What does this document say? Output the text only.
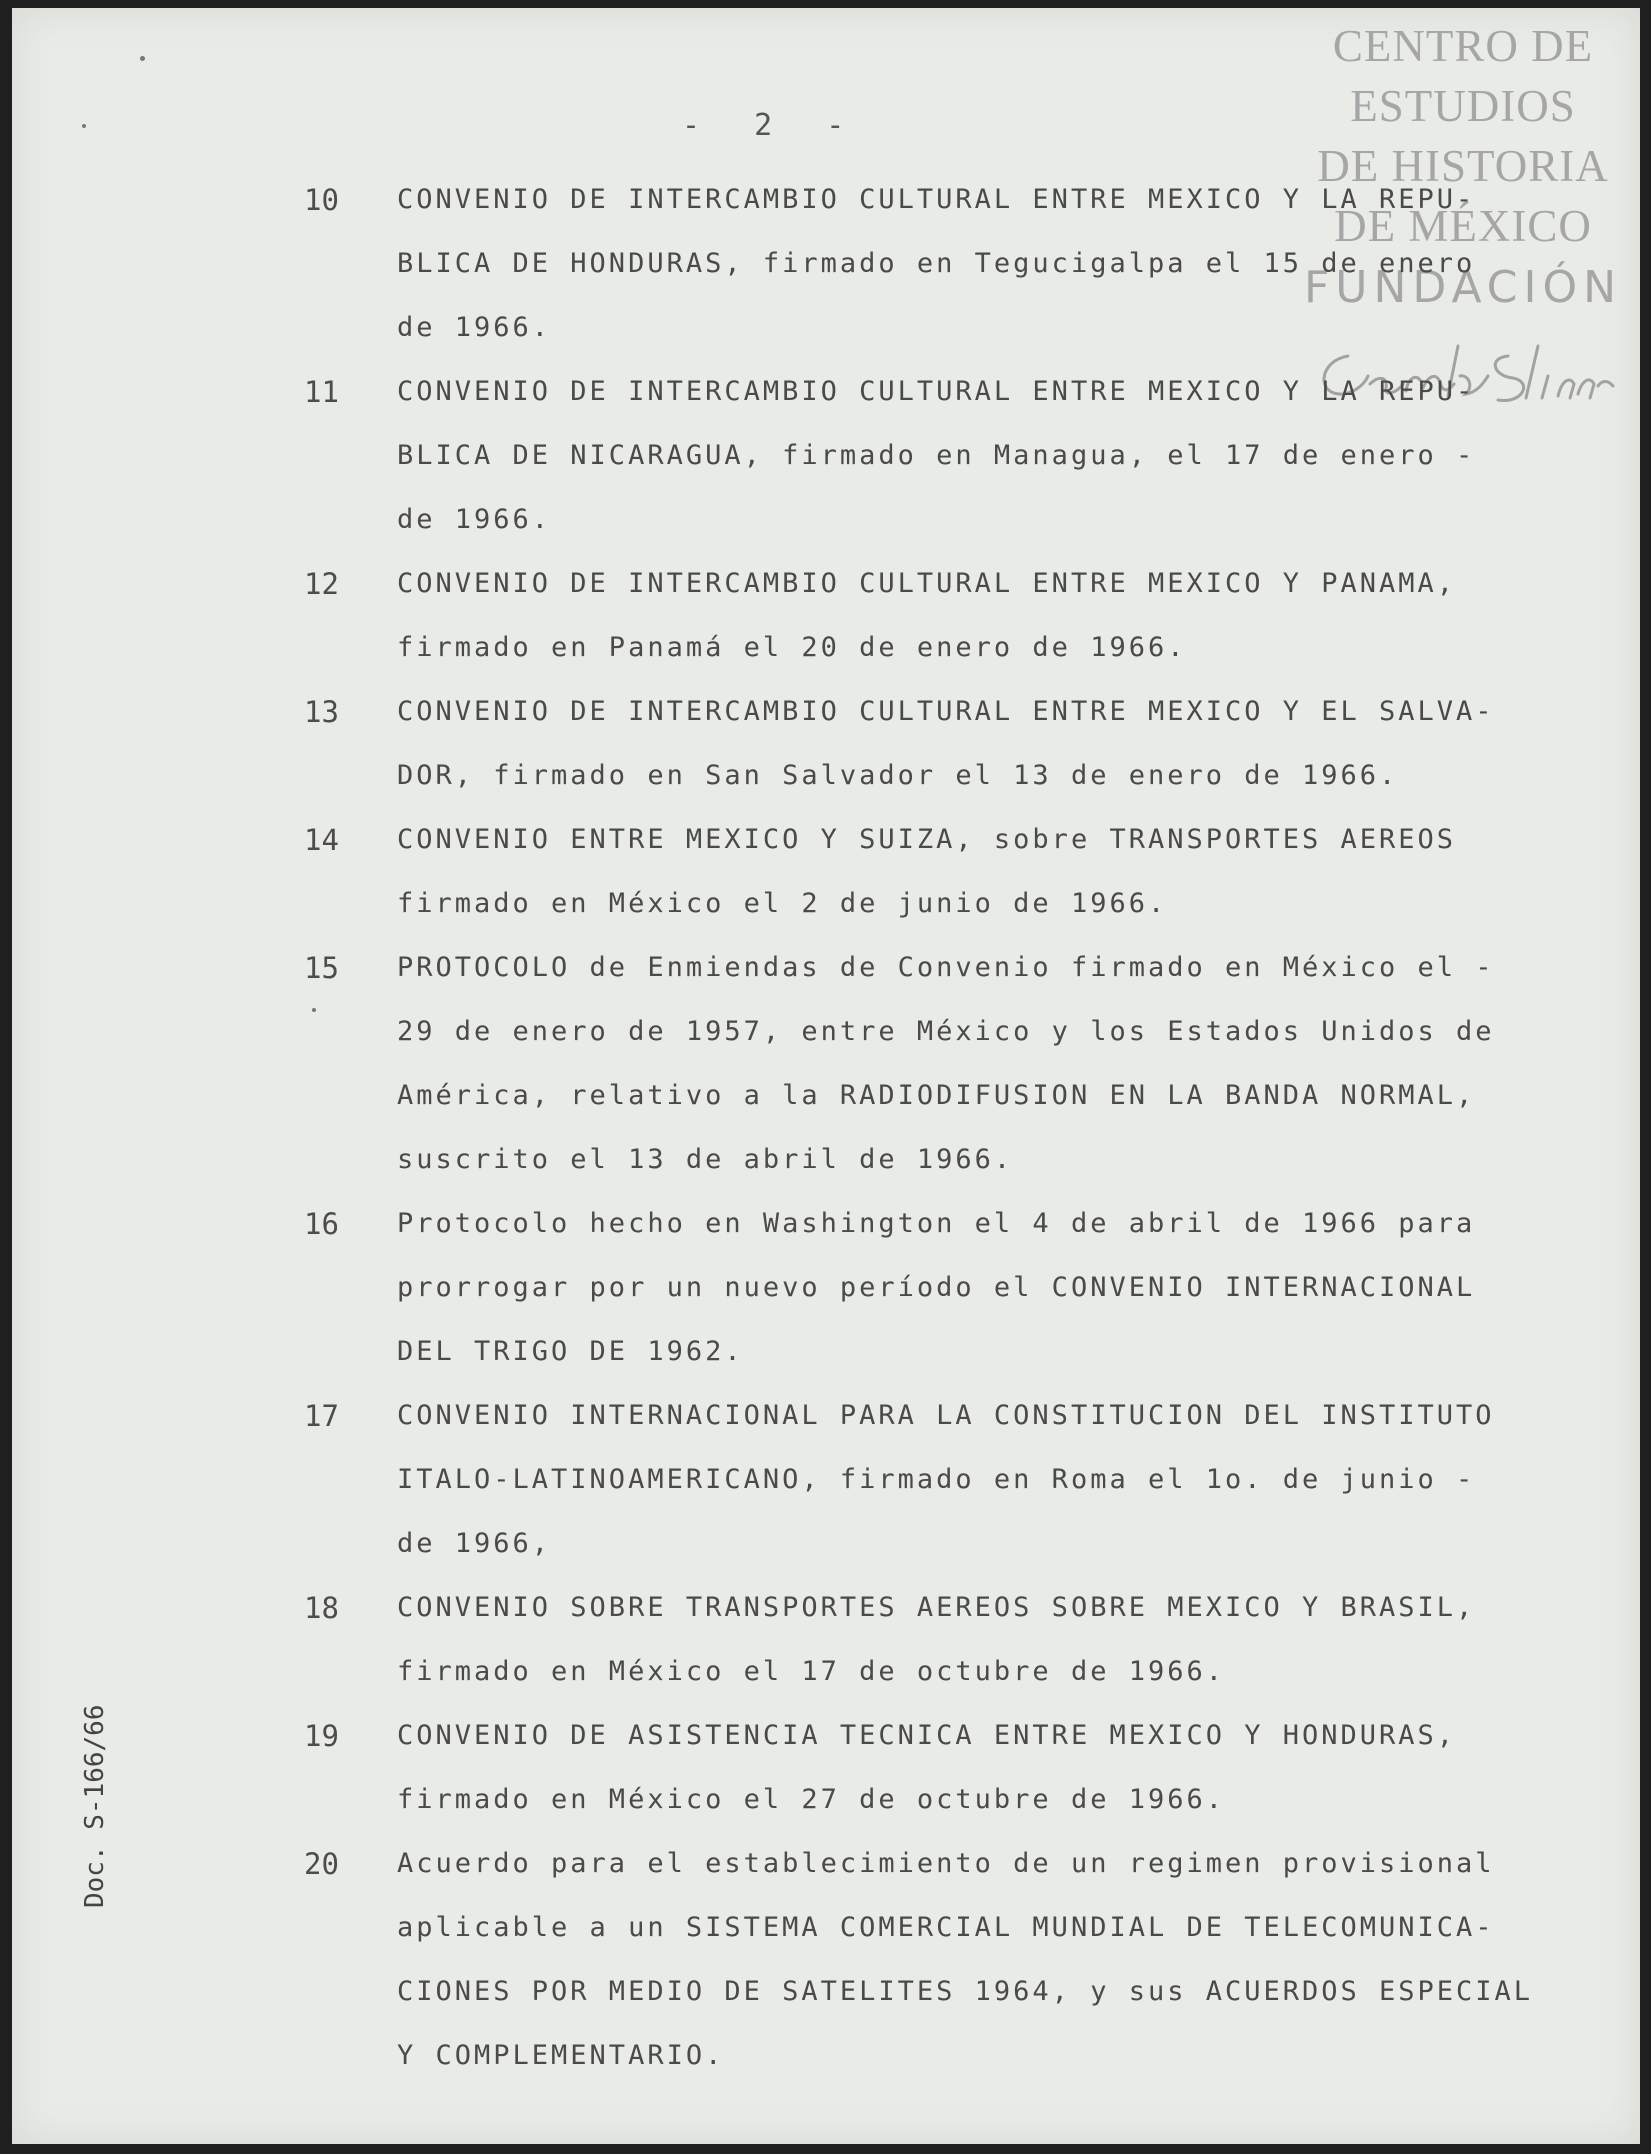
CENTRO DE
ESTUDIOS
DE HISTORIA
DE MÉXICO
FUNDACIÓN
- 2 -
10 CONVENIO DE INTERCAMBIO CULTURAL ENTRE MEXICO Y LA REPU-
BLICA DE HONDURAS, firmado en Tegucigalpa el 15 de enero
de 1966.
11 CONVENIO DE INTERCAMBIO CULTURAL ENTRE MEXICO Y LA REPU-
BLICA DE NICARAGUA, firmado en Managua, el 17 de enero -
de 1966.
12 CONVENIO DE INTERCAMBIO CULTURAL ENTRE MEXICO Y PANAMA,
firmado en Panamá el 20 de enero de 1966.
13 CONVENIO DE INTERCAMBIO CULTURAL ENTRE MEXICO Y EL SALVA-
DOR, firmado en San Salvador el 13 de enero de 1966.
14 CONVENIO ENTRE MEXICO Y SUIZA, sobre TRANSPORTES AEREOS
firmado en México el 2 de junio de 1966.
15 PROTOCOLO de Enmiendas de Convenio firmado en México el -
29 de enero de 1957, entre México y los Estados Unidos de
América, relativo a la RADIODIFUSION EN LA BANDA NORMAL,
suscrito el 13 de abril de 1966.
16 Protocolo hecho en Washington el 4 de abril de 1966 para
prorrogar por un nuevo período el CONVENIO INTERNACIONAL
DEL TRIGO DE 1962.
17 CONVENIO INTERNACIONAL PARA LA CONSTITUCION DEL INSTITUTO
ITALO-LATINOAMERICANO, firmado en Roma el 1o. de junio -
de 1966,
18 CONVENIO SOBRE TRANSPORTES AEREOS SOBRE MEXICO Y BRASIL,
firmado en México el 17 de octubre de 1966.
19 CONVENIO DE ASISTENCIA TECNICA ENTRE MEXICO Y HONDURAS,
firmado en México el 27 de octubre de 1966.
20 Acuerdo para el establecimiento de un regimen provisional
aplicable a un SISTEMA COMERCIAL MUNDIAL DE TELECOMUNICA-
CIONES POR MEDIO DE SATELITES 1964, y sus ACUERDOS ESPECIAL
Y COMPLEMENTARIO.
Doc. S-166/66
